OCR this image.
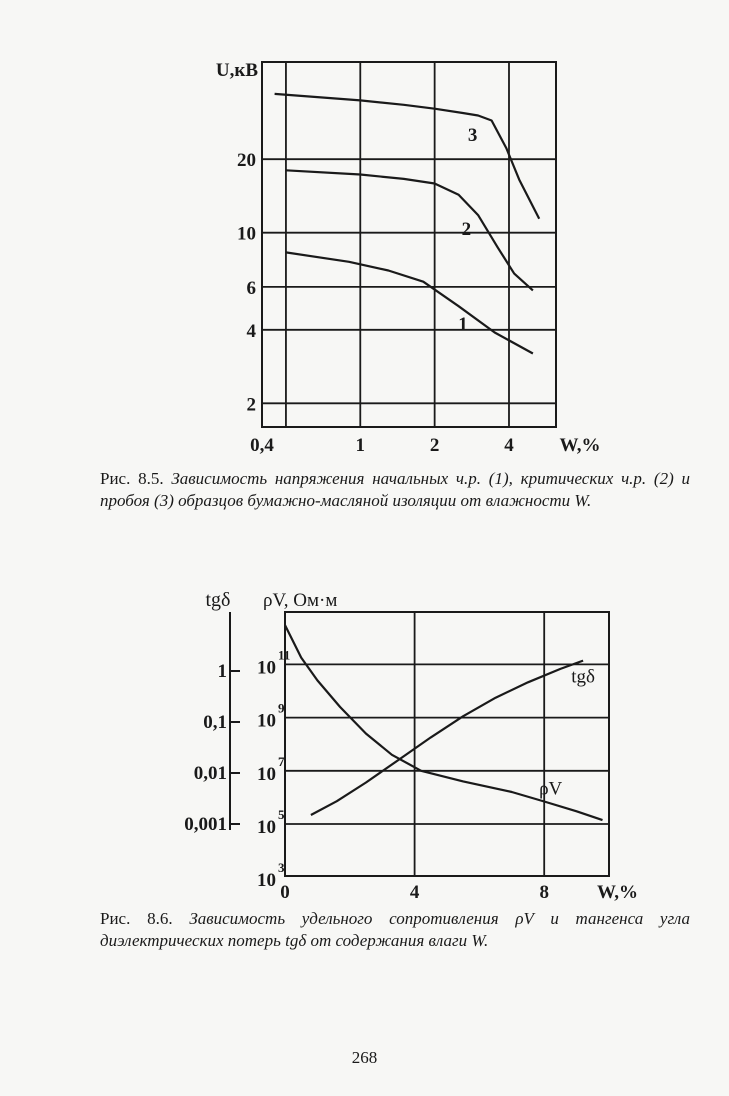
2
4
6
10
20
0,4	1	2	4
U,кВ
W,%
1
2
3
0,001
0,01
0,1
1
tgδ
10
3
10
5
10
7
10
9
10
11
ρV, Ом·м
0	4	8	W,%
ρV
tgδ
Рис. 8.5. Зависимость напряжения начальных ч.р. (1), критических ч.р. (2) и пробоя (3) образцов бумажно-масляной изоляции от влажности W.
Рис. 8.6. Зависимость удельного сопротивления ρV и тангенса угла диэлектрических потерь tgδ от содержания влаги W.
268
